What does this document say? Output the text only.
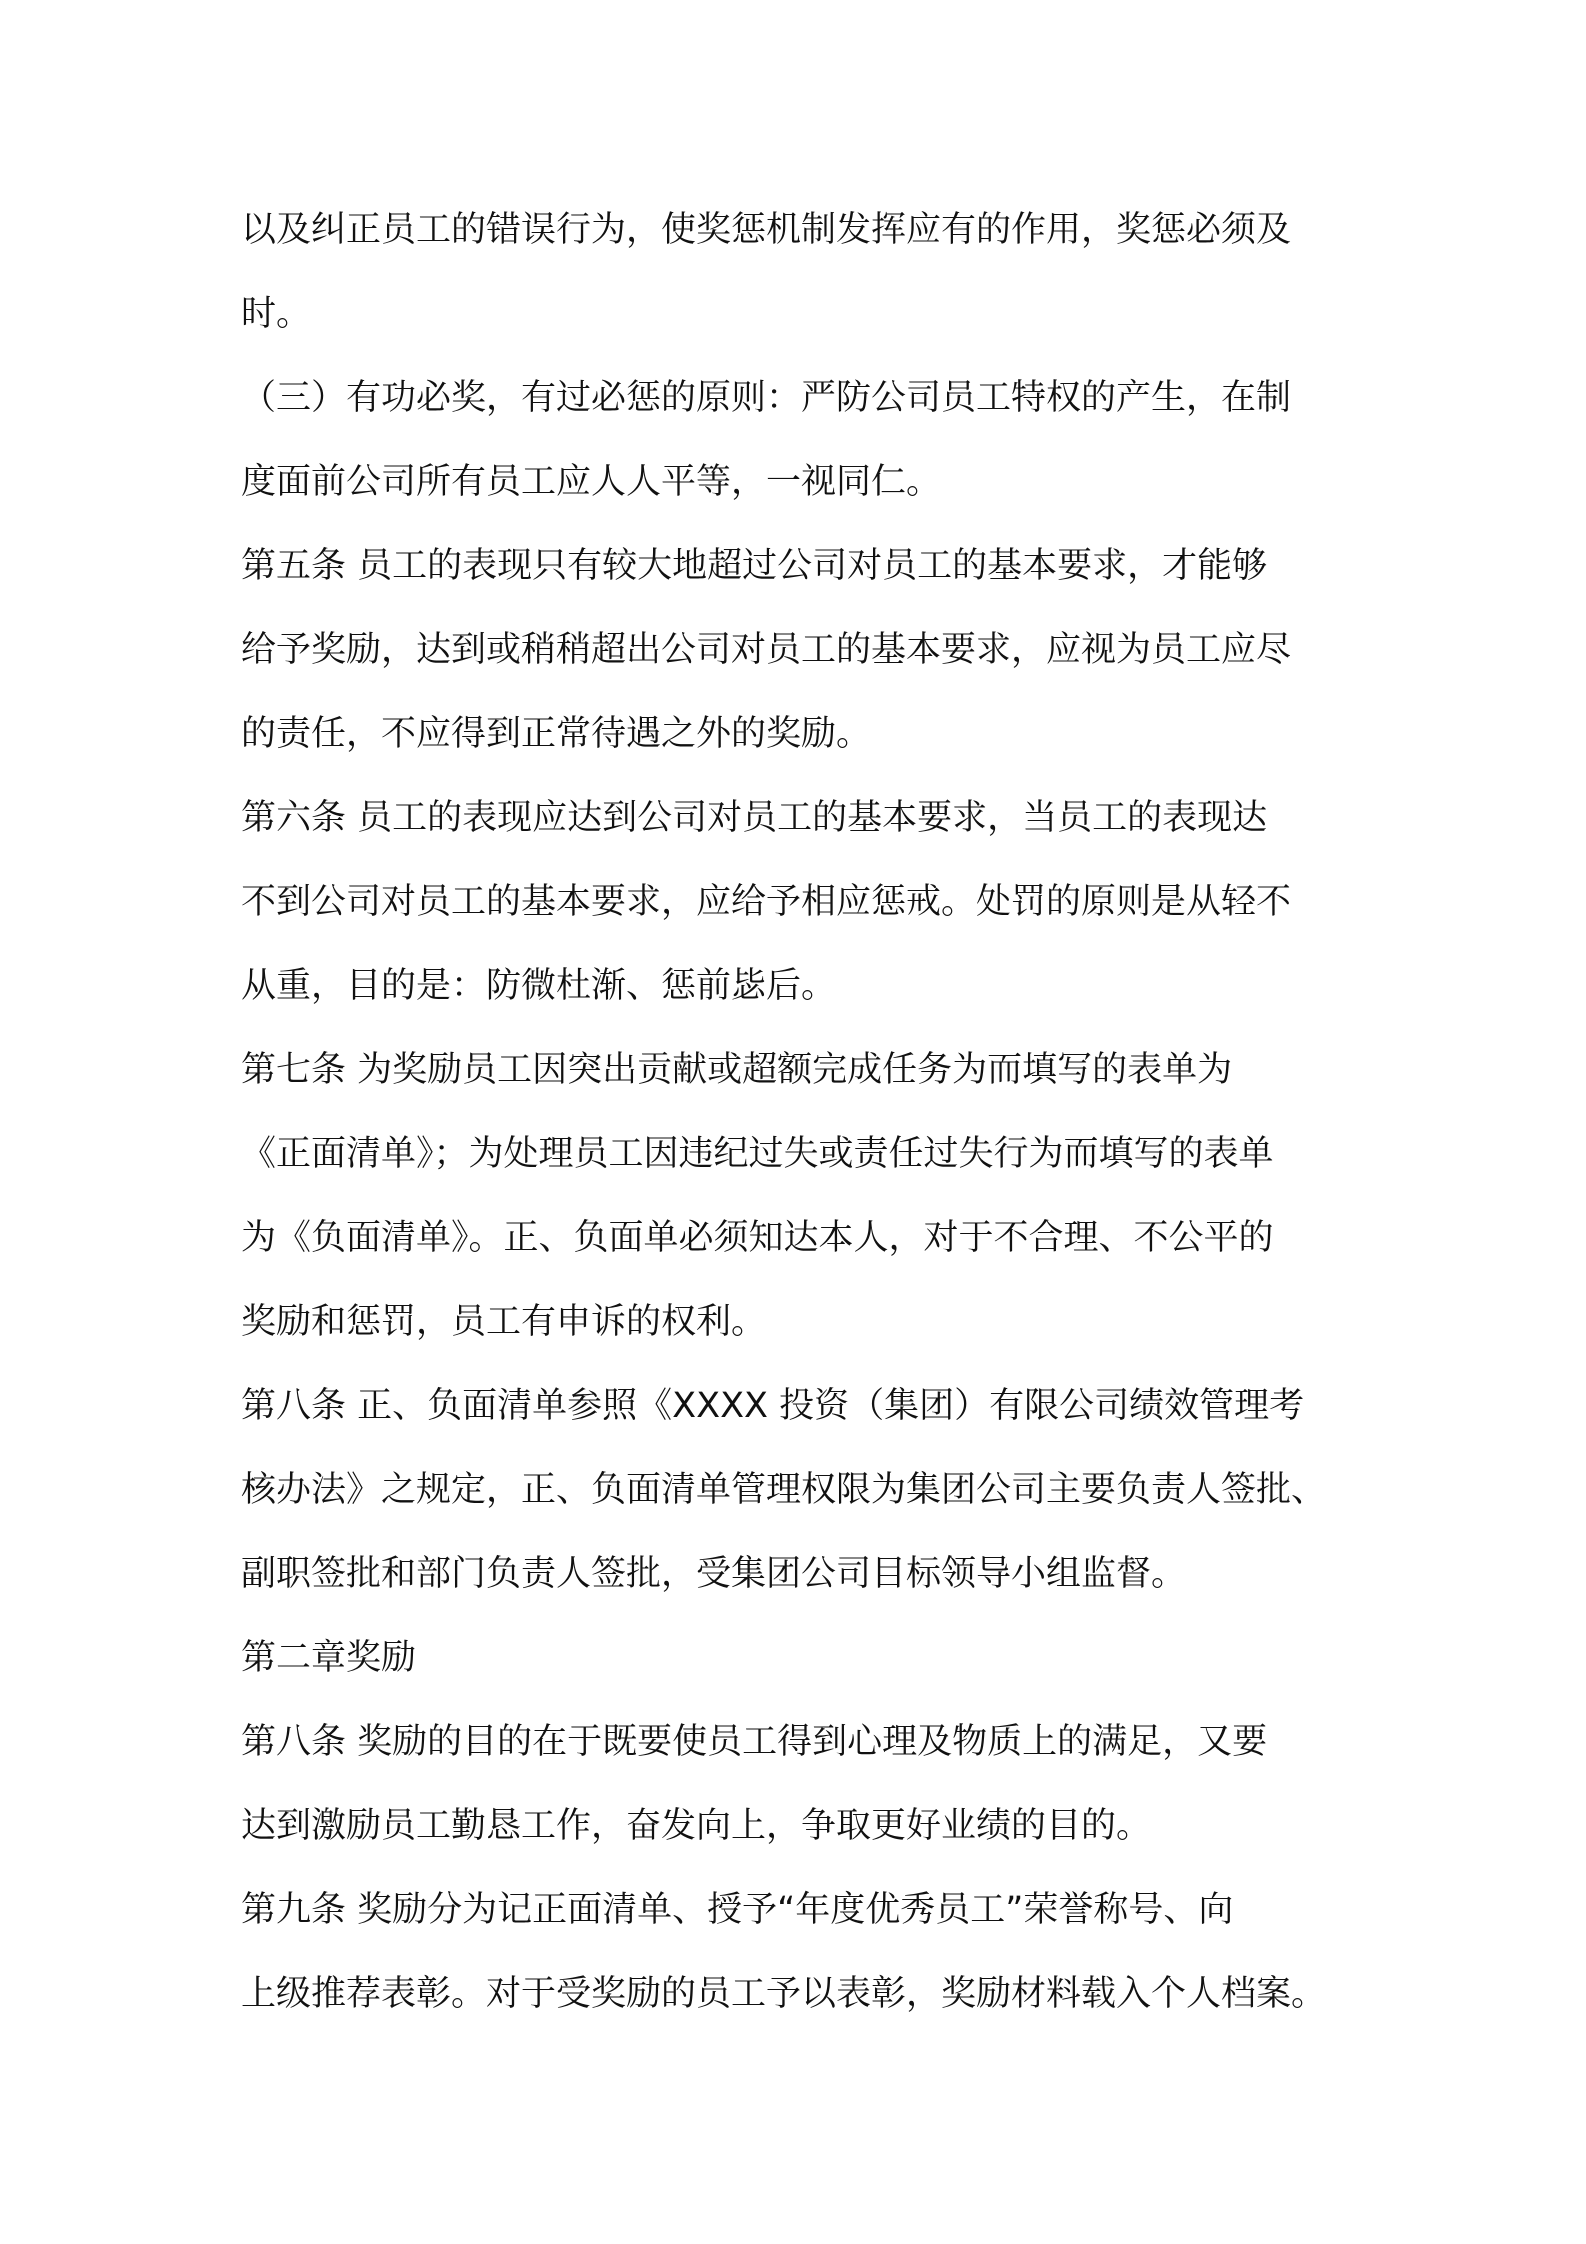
以及纠正员工的错误行为，使奖惩机制发挥应有的作用，奖惩必须及
时。
（三）有功必奖，有过必惩的原则：严防公司员工特权的产生，在制
度面前公司所有员工应人人平等，一视同仁。
第五条 员工的表现只有较大地超过公司对员工的基本要求，才能够
给予奖励，达到或稍稍超出公司对员工的基本要求，应视为员工应尽
的责任，不应得到正常待遇之外的奖励。
第六条 员工的表现应达到公司对员工的基本要求，当员工的表现达
不到公司对员工的基本要求，应给予相应惩戒。处罚的原则是从轻不
从重，目的是：防微杜渐、惩前毖后。
第七条 为奖励员工因突出贡献或超额完成任务为而填写的表单为
《正面清单》；为处理员工因违纪过失或责任过失行为而填写的表单
为《负面清单》。正、负面单必须知达本人，对于不合理、不公平的
奖励和惩罚，员工有申诉的权利。
第八条 正、负面清单参照《XXXX 投资（集团）有限公司绩效管理考
核办法》之规定，正、负面清单管理权限为集团公司主要负责人签批、
副职签批和部门负责人签批，受集团公司目标领导小组监督。
第二章奖励
第八条 奖励的目的在于既要使员工得到心理及物质上的满足，又要
达到激励员工勤恳工作，奋发向上，争取更好业绩的目的。
第九条 奖励分为记正面清单、授予“年度优秀员工”荣誉称号、向
上级推荐表彰。对于受奖励的员工予以表彰，奖励材料载入个人档案。
